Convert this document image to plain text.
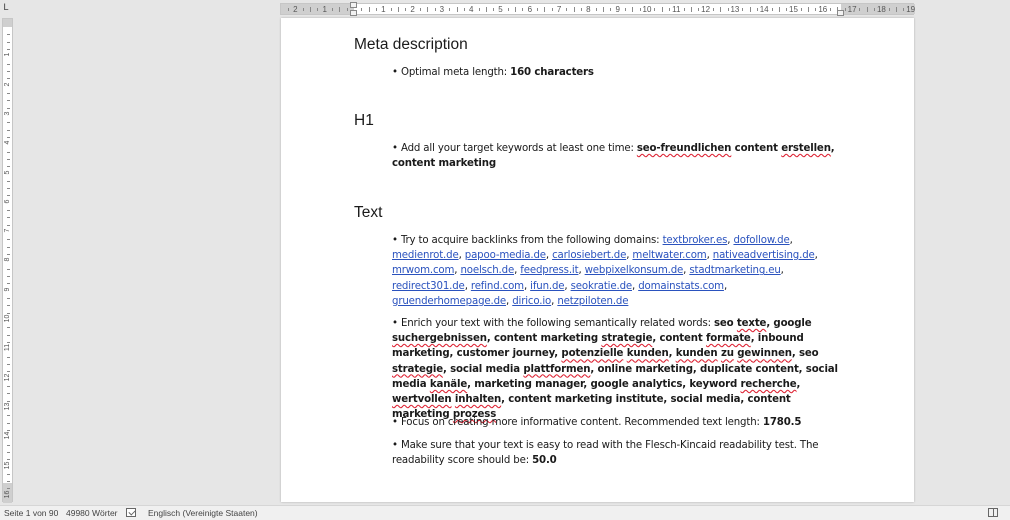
L	2	1	1	2	3	4	5	6	7	8	9	10	11	12	13	14	15	16	17	18	19
1
2
3
4
5
6
7
8
9
10
11
12
13
14
15
16
Meta description
• Optimal meta length: 160 characters
H1
• Add all your target keywords at least one time: seo-freundlichen content erstellen, content marketing
Text
• Try to acquire backlinks from the following domains: textbroker.es, dofollow.de, medienrot.de, papoo-media.de, carlosiebert.de, meltwater.com, nativeadvertising.de, mrwom.com, noelsch.de, feedpress.it, webpixelkonsum.de, stadtmarketing.eu, redirect301.de, refind.com, ifun.de, seokratie.de, domainstats.com, gruenderhomepage.de, dirico.io, netzpiloten.de
• Enrich your text with the following semantically related words: seo texte, google suchergebnissen, content marketing strategie, content formate, inbound marketing, customer journey, potenzielle kunden, kunden zu gewinnen, seo strategie, social media plattformen, online marketing, duplicate content, social media kanäle, marketing manager, google analytics, keyword recherche, wertvollen inhalten, content marketing institute, social media, content marketing prozess
• Focus on creating more informative content. Recommended text length: 1780.5
• Make sure that your text is easy to read with the Flesch-Kincaid readability test. The readability score should be: 50.0
Seite 1 von 90 49980 Wörter	Englisch (Vereinigte Staaten)
